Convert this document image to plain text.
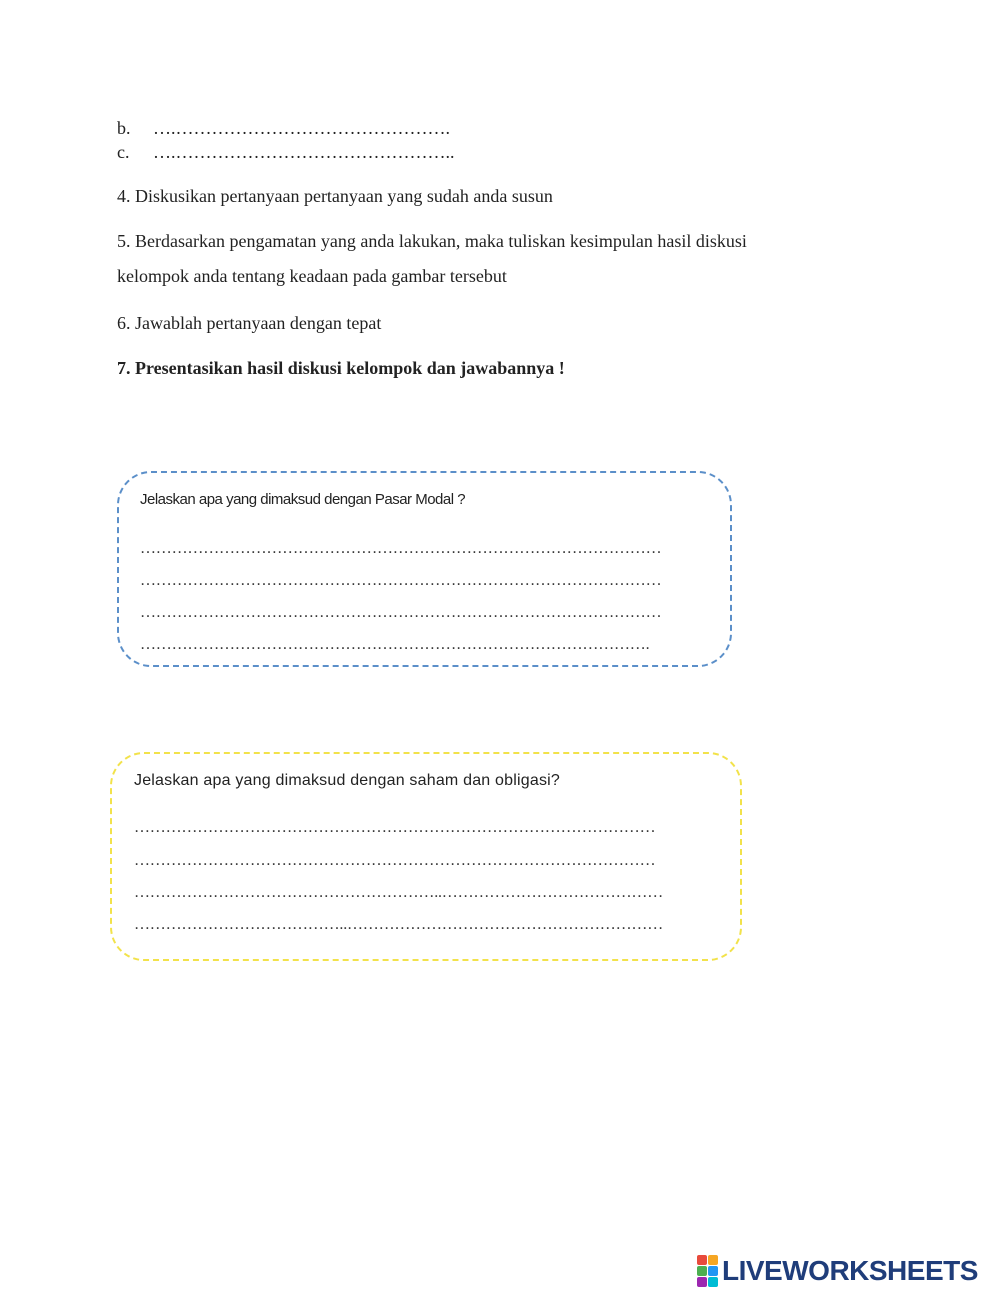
b. ….……………………………………….
c. ….………………………………………..
4. Diskusikan pertanyaan pertanyaan yang sudah anda susun
5. Berdasarkan pengamatan yang anda lakukan, maka tuliskan kesimpulan hasil diskusi
kelompok anda tentang keadaan pada gambar tersebut
6. Jawablah pertanyaan dengan tepat
7. Presentasikan hasil diskusi kelompok dan jawabannya !
Jelaskan apa yang dimaksud dengan Pasar Modal ?
………………………………………………………………………………………
………………………………………………………………………………………
………………………………………………………………………………………
…………………………………………………………………………………….
Jelaskan apa yang dimaksud dengan saham dan obligasi?
………………………………………………………………………………………
………………………………………………………………………………………
…………………………………………………..……………………………………
…………………………………..……………………………………………………
LIVEWORKSHEETS
